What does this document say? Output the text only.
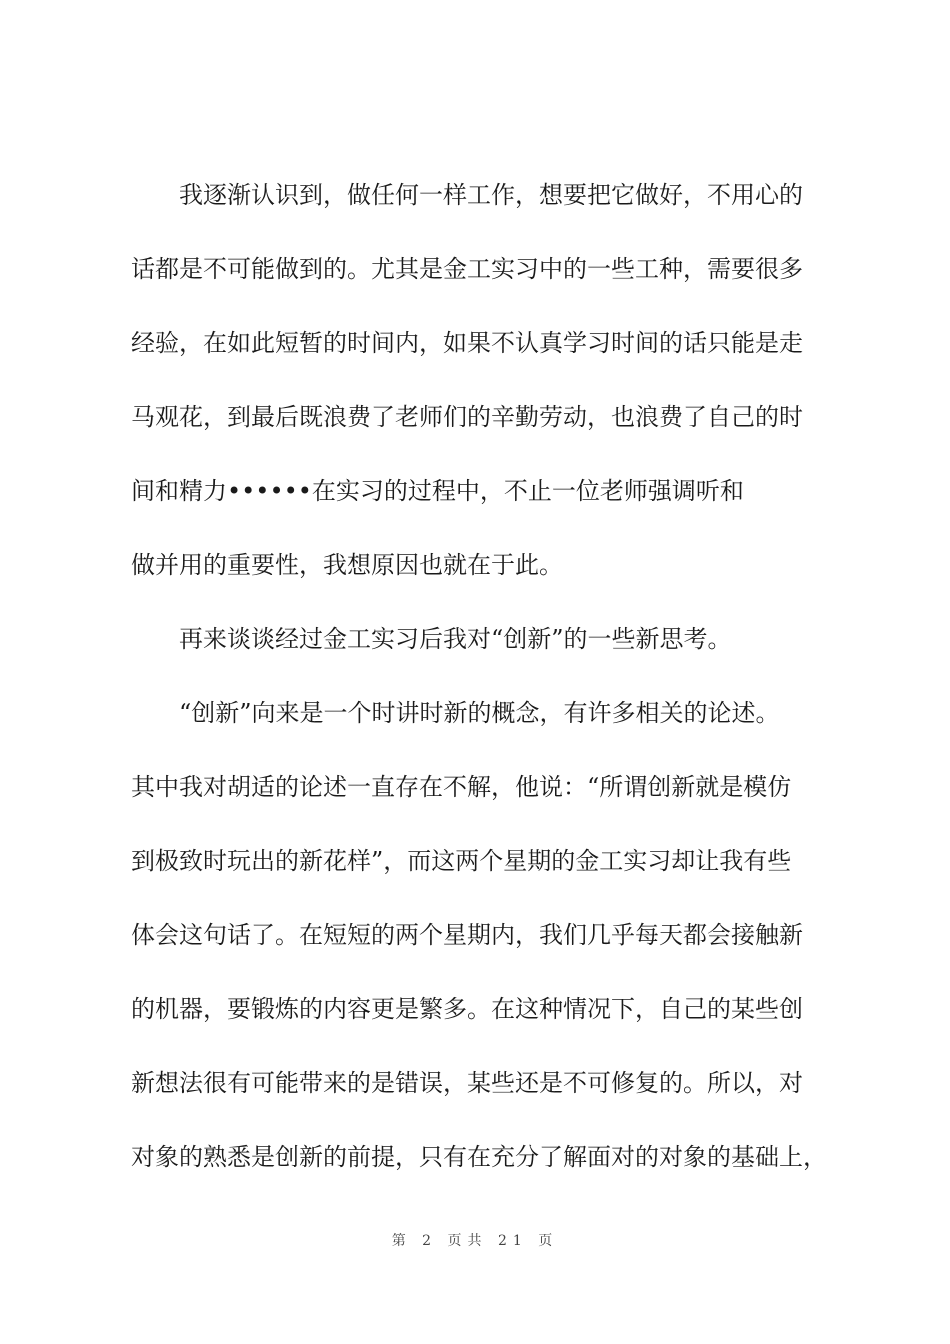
我逐渐认识到，做任何一样工作，想要把它做好，不用心的
话都是不可能做到的。尤其是金工实习中的一些工种，需要很多
经验，在如此短暂的时间内，如果不认真学习时间的话只能是走
马观花，到最后既浪费了老师们的辛勤劳动，也浪费了自己的时
间和精力••••••在实习的过程中，不止一位老师强调听和
做并用的重要性，我想原因也就在于此。
再来谈谈经过金工实习后我对“创新”的一些新思考。
“创新”向来是一个时讲时新的概念，有许多相关的论述。
其中我对胡适的论述一直存在不解，他说：“所谓创新就是模仿
到极致时玩出的新花样”，而这两个星期的金工实习却让我有些
体会这句话了。在短短的两个星期内，我们几乎每天都会接触新
的机器，要锻炼的内容更是繁多。在这种情况下，自己的某些创
新想法很有可能带来的是错误，某些还是不可修复的。所以，对
对象的熟悉是创新的前提，只有在充分了解面对的对象的基础上，
第 2 页共 21 页
